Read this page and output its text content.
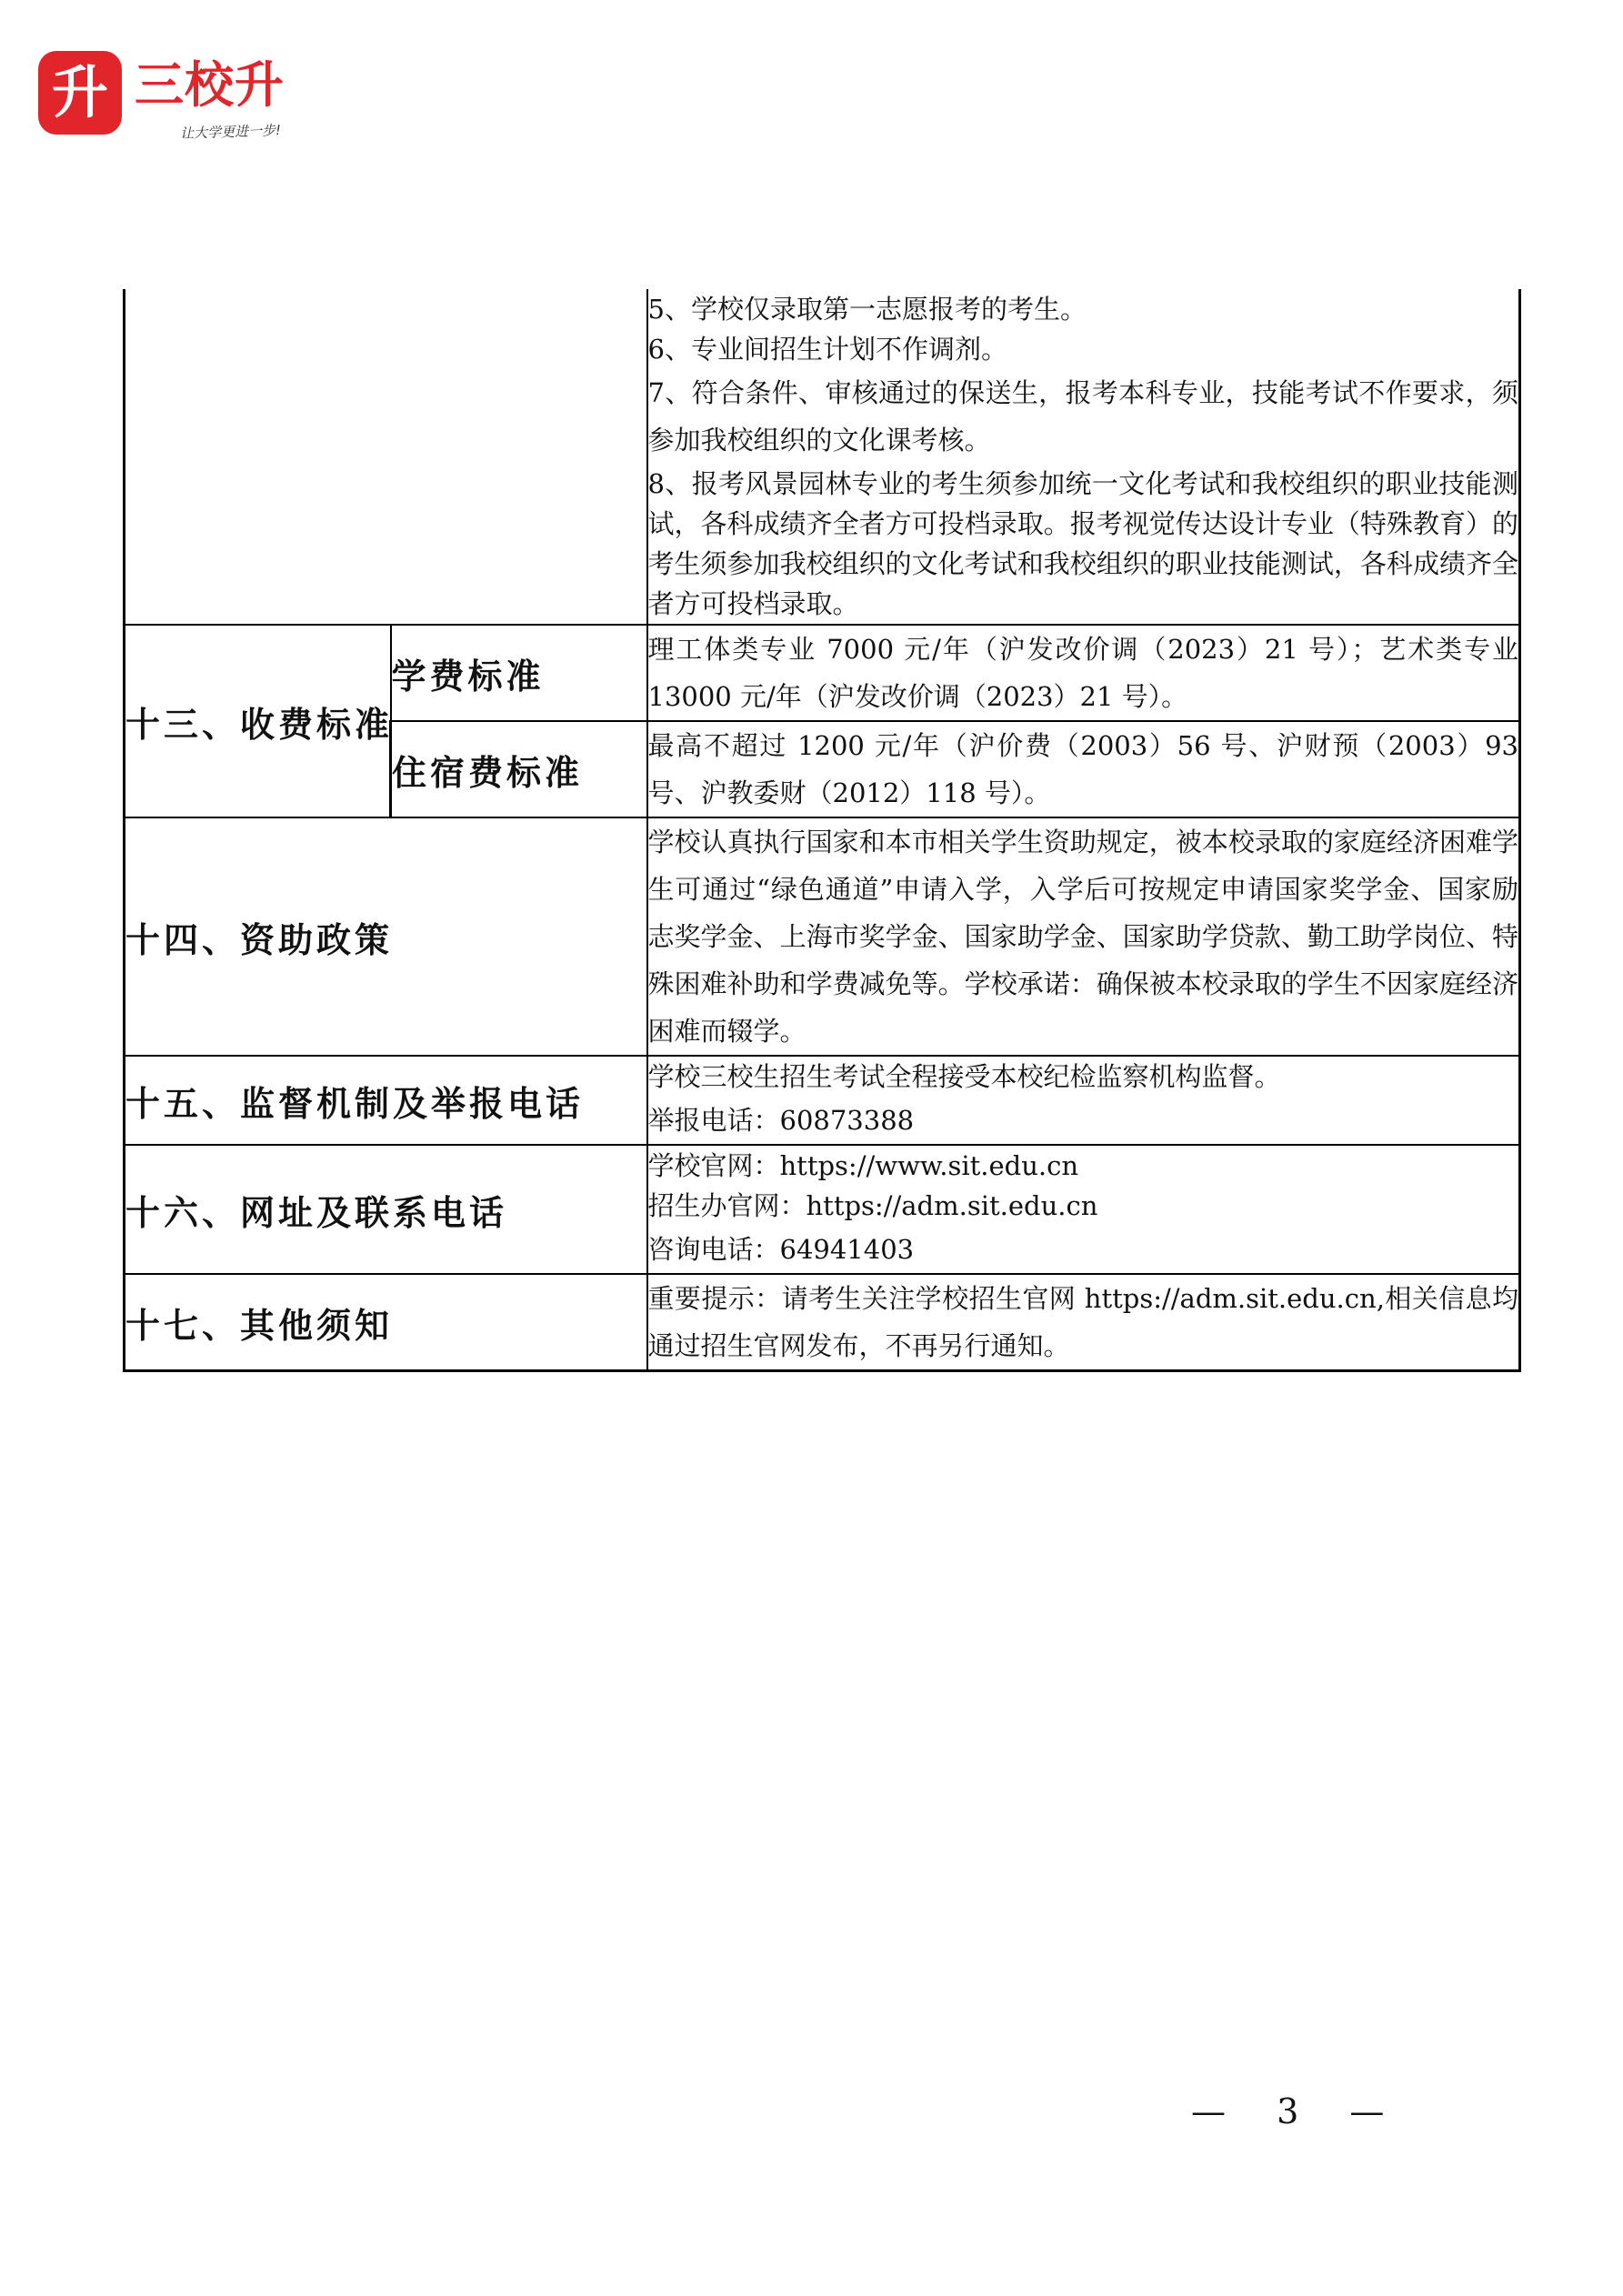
升 三校升
让大学更进一步!

		5、学校仅录取第一志愿报考的考生。

6、专业间招生计划不作调剂。

7、符合条件、审核通过的保送生，报考本科专业，技能考试不作要求，须参加我校组织的文化课考核。

8、报考风景园林专业的考生须参加统一文化考试和我校组织的职业技能测试，各科成绩齐全者方可投档录取。报考视觉传达设计专业（特殊教育）的考生须参加我校组织的文化考试和我校组织的职业技能测试，各科成绩齐全者方可投档录取。

十三、收费标准	学费标准	理工体类专业 7000 元/年（沪发改价调（2023）21 号）；艺术类专业 13000 元/年（沪发改价调（2023）21 号）。
	住宿费标准	最高不超过 1200 元/年（沪价费（2003）56 号、沪财预（2003）93 号、沪教委财（2012）118 号）。
十四、资助政策		学校认真执行国家和本市相关学生资助规定，被本校录取的家庭经济困难学生可通过“绿色通道”申请入学，入学后可按规定申请国家奖学金、国家励志奖学金、上海市奖学金、国家助学金、国家助学贷款、勤工助学岗位、特殊困难补助和学费减免等。学校承诺：确保被本校录取的学生不因家庭经济困难而辍学。
十五、监督机制及举报电话		学校三校生招生考试全程接受本校纪检监察机构监督。

举报电话：60873388

十六、网址及联系电话		学校官网：https://www.sit.edu.cn

招生办官网：https://adm.sit.edu.cn

咨询电话：64941403

十七、其他须知		重要提示：请考生关注学校招生官网 https://adm.sit.edu.cn,相关信息均通过招生官网发布，不再另行通知。
— 3 —
